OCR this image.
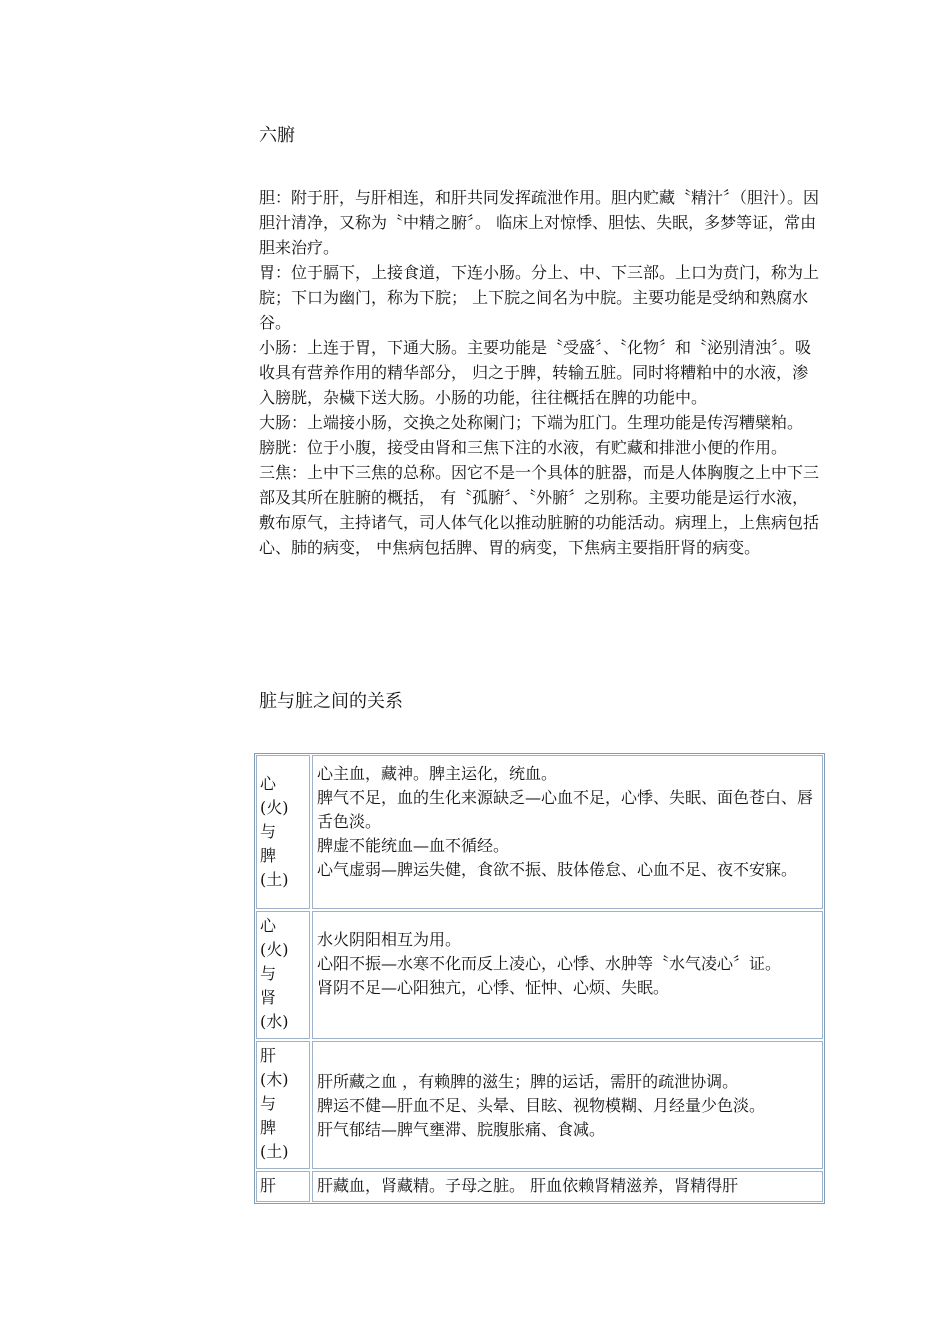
六腑

胆：附于肝，与肝相连，和肝共同发挥疏泄作用。胆内贮藏〝精汁〞（胆汁）。因胆汁清净，又称为〝中精之腑〞。 临床上对惊悸、胆怯、失眠，多梦等证，常由胆来治疗。

胃：位于膈下，上接食道，下连小肠。分上、中、下三部。上口为贲门，称为上脘；下口为幽门，称为下脘； 上下脘之间名为中脘。主要功能是受纳和熟腐水谷。

小肠：上连于胃，下通大肠。主要功能是〝受盛〞、〝化物〞和〝泌别清浊〞。吸收具有营养作用的精华部分， 归之于脾，转输五脏。同时将糟粕中的水液，渗入膀胱，杂檅下送大肠。小肠的功能，往往概括在脾的功能中。

大肠：上端接小肠，交换之处称阑门；下端为肛门。生理功能是传泻糟檗粕。

膀胱：位于小腹，接受由肾和三焦下注的水液，有贮藏和排泄小便的作用。

三焦：上中下三焦的总称。因它不是一个具体的脏器，而是人体胸腹之上中下三部及其所在脏腑的概括， 有〝孤腑〞、〝外腑〞之别称。主要功能是运行水液，敷布原气，主持诸气，司人体气化以推动脏腑的功能活动。病理上，上焦病包括心、肺的病变， 中焦病包括脾、胃的病变，下焦病主要指肝肾的病变。

脏与脏之间的关系
心
(火)
与
脾
(土)
心主血，藏神。脾主运化，统血。
脾气不足，血的生化来源缺乏—心血不足，心悸、失眠、面色苍白、唇舌色淡。
脾虚不能统血—血不循经。
心气虚弱—脾运失健，食欲不振、肢体倦怠、心血不足、夜不安寐。
心
(火)
与
肾
(水)
水火阴阳相互为用。
心阳不振—水寒不化而反上凌心，心悸、水肿等〝水气凌心〞证。
肾阴不足—心阳独亢，心悸、怔忡、心烦、失眠。
肝
(木)
与
脾
(土)
肝所藏之血 ，有赖脾的滋生；脾的运话，需肝的疏泄协调。
脾运不健—肝血不足、头晕、目眩、视物模糊、月经量少色淡。
肝气郁结—脾气壅滞、脘腹胀痛、食减。
肝	肝藏血，肾藏精。子母之脏。 肝血依赖肾精滋养，肾精得肝
